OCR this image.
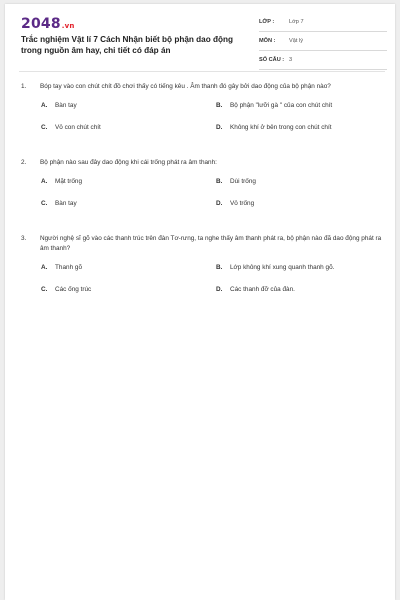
2048.vn
Trắc nghiệm Vật lí 7 Cách Nhận biết bộ phận dao động trong nguồn âm hay, chi tiết có đáp án
LỚP :	Lớp 7
MÔN : Vật lý
SỐ CÂU : 3
1. Bóp tay vào con chút chít đồ chơi thấy có tiếng kêu . Âm thanh đó gây bởi dao động của bộ phận nào?
A. Bàn tay	B. Bộ phận "lưỡi gà " của con chút chít
C. Vỏ con chút chít	D. Không khí ở bên trong con chút chít
2. Bộ phận nào sau đây dao động khi cái trống phát ra âm thanh:
A. Mặt trống	B. Dùi trống
C. Bàn tay	D. Vỏ trống
3. Người nghệ sĩ gõ vào các thanh trúc trên đàn Tơ-rưng, ta nghe thấy âm thanh phát ra, bộ phận nào đã dao động phát ra âm thanh?
A. Thanh gõ	B. Lớp không khí xung quanh thanh gõ.
C. Các ống trúc	D. Các thanh đỡ của đàn.
